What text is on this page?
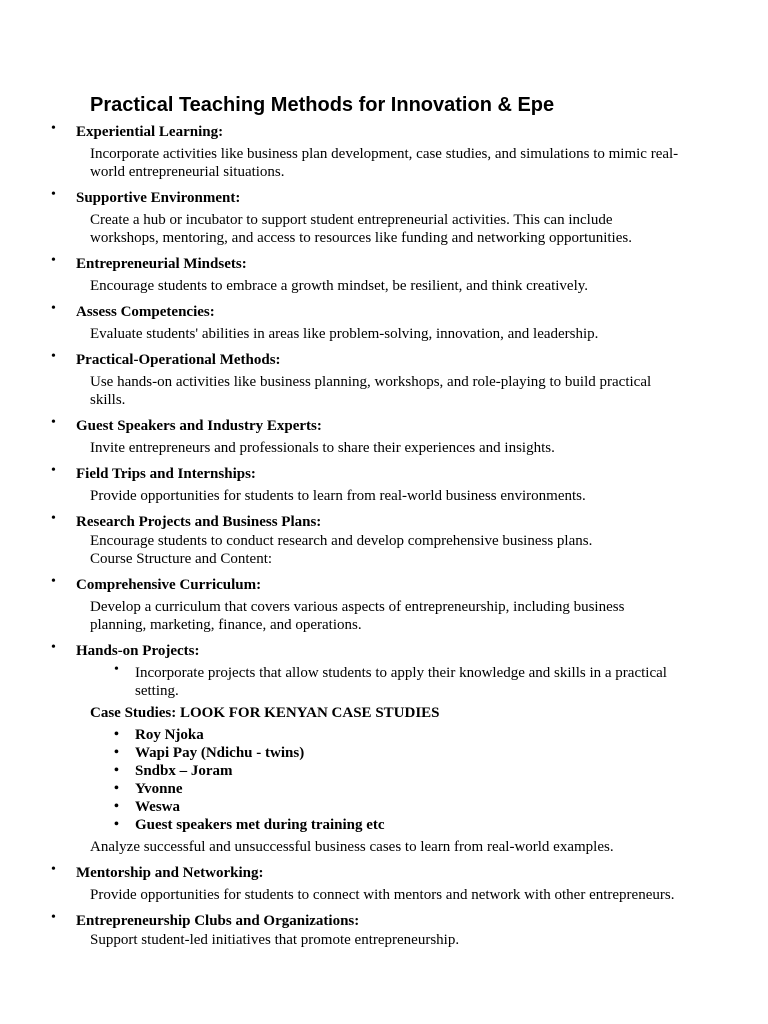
Practical Teaching Methods for Innovation & Epe
• Experiential Learning:
Incorporate activities like business plan development, case studies, and simulations to mimic real-world entrepreneurial situations.
• Supportive Environment:
Create a hub or incubator to support student entrepreneurial activities. This can include workshops, mentoring, and access to resources like funding and networking opportunities.
• Entrepreneurial Mindsets:
Encourage students to embrace a growth mindset, be resilient, and think creatively.
• Assess Competencies:
Evaluate students' abilities in areas like problem-solving, innovation, and leadership.
• Practical-Operational Methods:
Use hands-on activities like business planning, workshops, and role-playing to build practical skills.
• Guest Speakers and Industry Experts:
Invite entrepreneurs and professionals to share their experiences and insights.
• Field Trips and Internships:
Provide opportunities for students to learn from real-world business environments.
• Research Projects and Business Plans:
Encourage students to conduct research and develop comprehensive business plans.
Course Structure and Content:
• Comprehensive Curriculum:
Develop a curriculum that covers various aspects of entrepreneurship, including business planning, marketing, finance, and operations.
• Hands-on Projects:
• Incorporate projects that allow students to apply their knowledge and skills in a practical setting.
Case Studies: LOOK FOR KENYAN CASE STUDIES
• Roy Njoka
• Wapi Pay (Ndichu - twins)
• Sndbx – Joram
• Yvonne
• Weswa
• Guest speakers met during training etc
Analyze successful and unsuccessful business cases to learn from real-world examples.
• Mentorship and Networking:
Provide opportunities for students to connect with mentors and network with other entrepreneurs.
• Entrepreneurship Clubs and Organizations:
Support student-led initiatives that promote entrepreneurship.
